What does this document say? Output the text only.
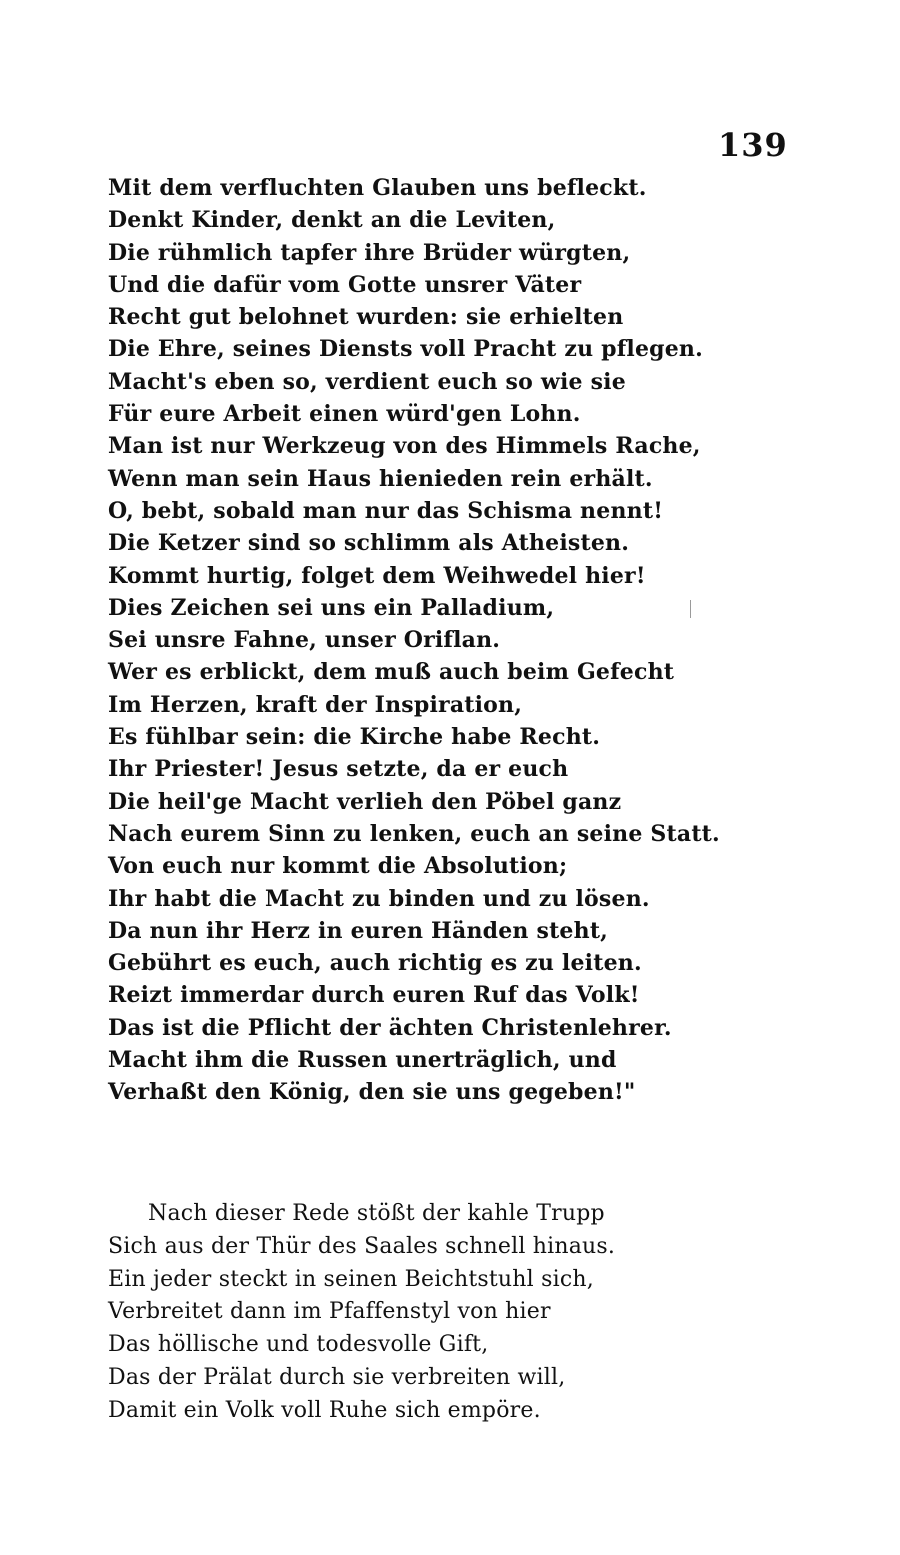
139
Mit dem verfluchten Glauben uns befleckt.
Denkt Kinder, denkt an die Leviten,
Die rühmlich tapfer ihre Brüder würgten,
Und die dafür vom Gotte unsrer Väter
Recht gut belohnet wurden: sie erhielten
Die Ehre, seines Diensts voll Pracht zu pflegen.
Macht's eben so, verdient euch so wie sie
Für eure Arbeit einen würd'gen Lohn.
Man ist nur Werkzeug von des Himmels Rache,
Wenn man sein Haus hienieden rein erhält.
O, bebt, sobald man nur das Schisma nennt!
Die Ketzer sind so schlimm als Atheisten.
Kommt hurtig, folget dem Weihwedel hier!
Dies Zeichen sei uns ein Palladium,
Sei unsre Fahne, unser Oriflan.
Wer es erblickt, dem muß auch beim Gefecht
Im Herzen, kraft der Inspiration,
Es fühlbar sein: die Kirche habe Recht.
Ihr Priester! Jesus setzte, da er euch
Die heil'ge Macht verlieh den Pöbel ganz
Nach eurem Sinn zu lenken, euch an seine Statt.
Von euch nur kommt die Absolution;
Ihr habt die Macht zu binden und zu lösen.
Da nun ihr Herz in euren Händen steht,
Gebührt es euch, auch richtig es zu leiten.
Reizt immerdar durch euren Ruf das Volk!
Das ist die Pflicht der ächten Christenlehrer.
Macht ihm die Russen unerträglich, und
Verhaßt den König, den sie uns gegeben!"
Nach dieser Rede stößt der kahle Trupp
Sich aus der Thür des Saales schnell hinaus.
Ein jeder steckt in seinen Beichtstuhl sich,
Verbreitet dann im Pfaffenstyl von hier
Das höllische und todesvolle Gift,
Das der Prälat durch sie verbreiten will,
Damit ein Volk voll Ruhe sich empöre.
